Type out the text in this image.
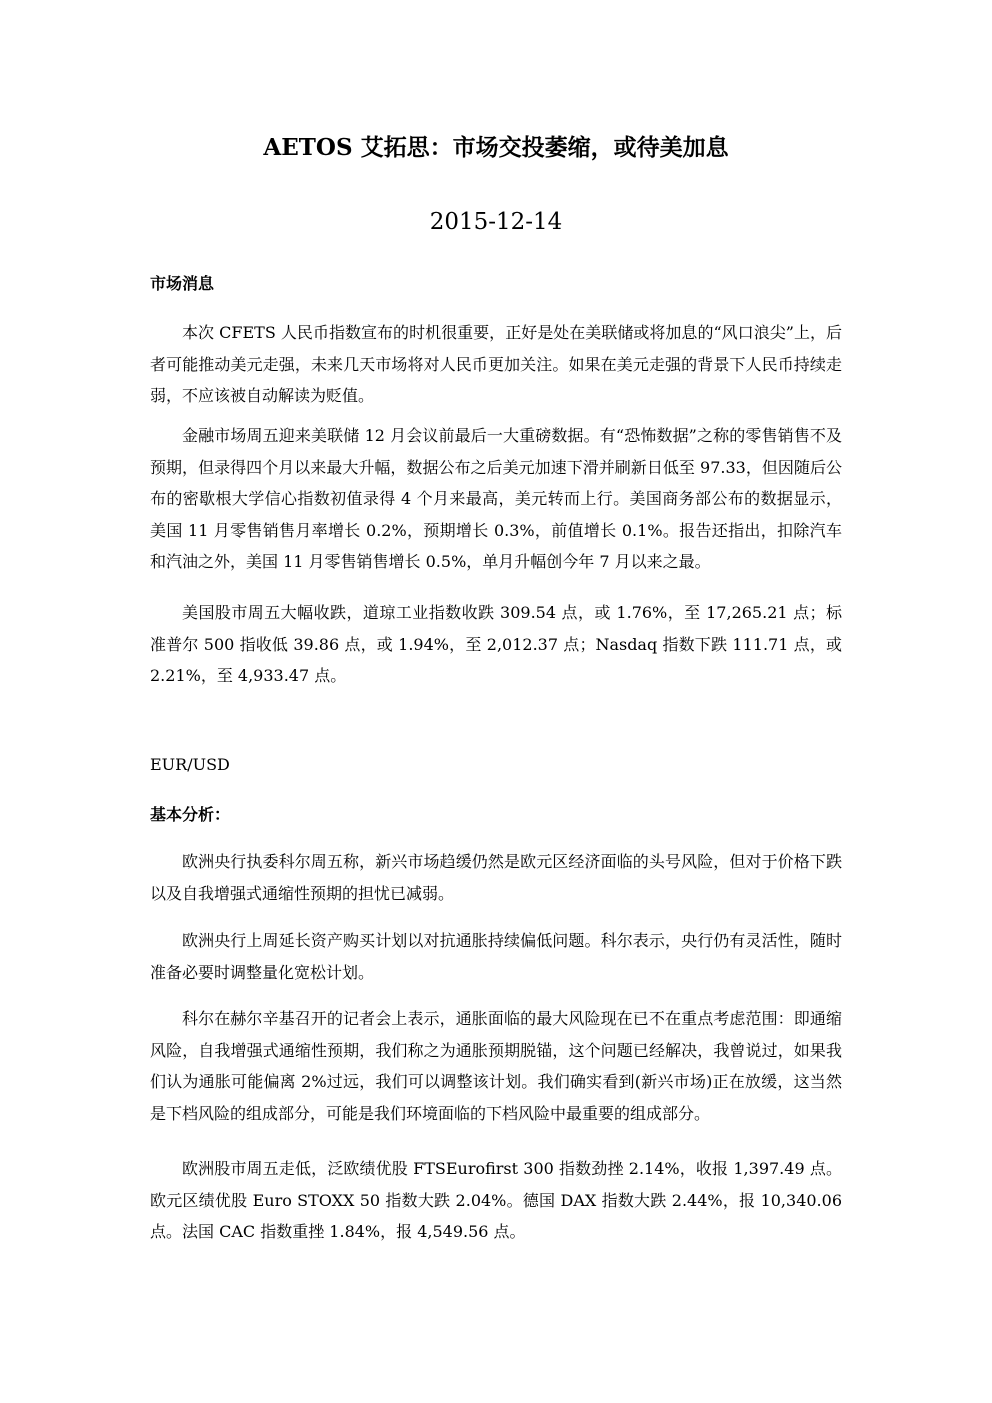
AETOS 艾拓思：市场交投萎缩，或待美加息
2015-12-14
市场消息

本次 CFETS 人民币指数宣布的时机很重要，正好是处在美联储或将加息的“风口浪尖”上，后者可能推动美元走强，未来几天市场将对人民币更加关注。如果在美元走强的背景下人民币持续走弱，不应该被自动解读为贬值。

金融市场周五迎来美联储 12 月会议前最后一大重磅数据。有“恐怖数据”之称的零售销售不及预期，但录得四个月以来最大升幅，数据公布之后美元加速下滑并刷新日低至 97.33，但因随后公布的密歇根大学信心指数初值录得 4 个月来最高，美元转而上行。美国商务部公布的数据显示，美国 11 月零售销售月率增长 0.2%，预期增长 0.3%，前值增长 0.1%。报告还指出，扣除汽车和汽油之外，美国 11 月零售销售增长 0.5%，单月升幅创今年 7 月以来之最。

美国股市周五大幅收跌，道琼工业指数收跌 309.54 点，或 1.76%，至 17,265.21 点；标准普尔 500 指收低 39.86 点，或 1.94%，至 2,012.37 点；Nasdaq 指数下跌 111.71 点，或 2.21%，至 4,933.47 点。

EUR/USD
基本分析：

欧洲央行执委科尔周五称，新兴市场趋缓仍然是欧元区经济面临的头号风险，但对于价格下跌以及自我增强式通缩性预期的担忧已减弱。

欧洲央行上周延长资产购买计划以对抗通胀持续偏低问题。科尔表示，央行仍有灵活性，随时准备必要时调整量化宽松计划。

科尔在赫尔辛基召开的记者会上表示，通胀面临的最大风险现在已不在重点考虑范围：即通缩风险，自我增强式通缩性预期，我们称之为通胀预期脱锚，这个问题已经解决，我曾说过，如果我们认为通胀可能偏离 2%过远，我们可以调整该计划。我们确实看到(新兴市场)正在放缓，这当然是下档风险的组成部分，可能是我们环境面临的下档风险中最重要的组成部分。

欧洲股市周五走低，泛欧绩优股 FTSEurofirst 300 指数劲挫 2.14%，收报 1,397.49 点。欧元区绩优股 Euro STOXX 50 指数大跌 2.04%。德国 DAX 指数大跌 2.44%，报 10,340.06 点。法国 CAC 指数重挫 1.84%，报 4,549.56 点。
